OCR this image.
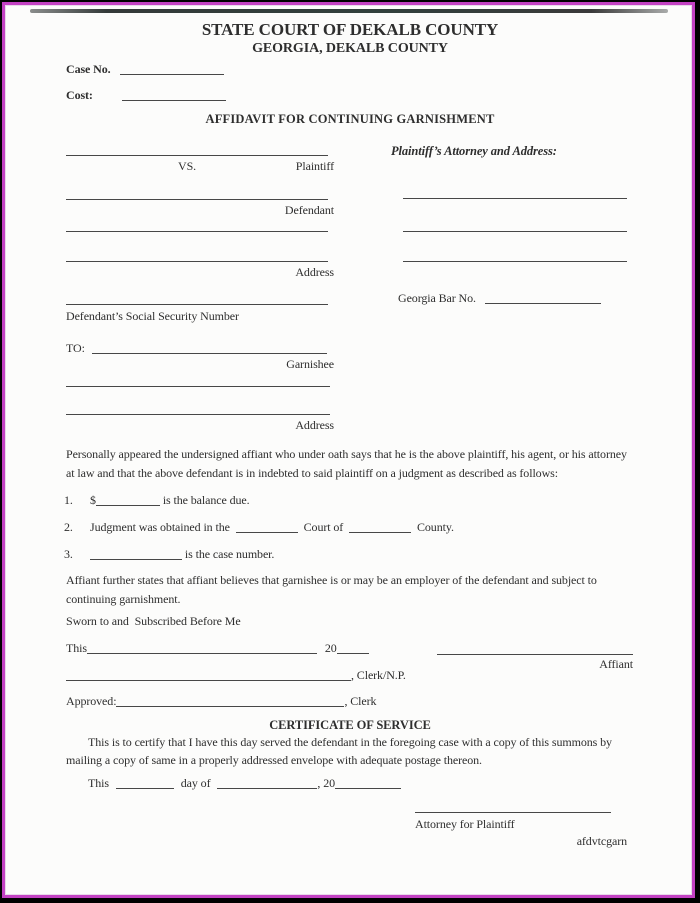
STATE COURT OF DEKALB COUNTY
GEORGIA, DEKALB COUNTY
Case No.
Cost:
AFFIDAVIT FOR CONTINUING GARNISHMENT
VS.	Plaintiff
Defendant
Address
Defendant’s Social Security Number
TO:
Garnishee
Address
Plaintiff’s Attorney and Address:
Georgia Bar No.
Personally appeared the undersigned affiant who under oath says that he is the above plaintiff, his agent, or his attorney
at law and that the above defendant is in indebted to said plaintiff on a judgment as described as follows:
1. $	is the balance due.
2. Judgment was obtained in the	Court of	County.
3.	is the case number.
Affiant further states that affiant believes that garnishee is or may be an employer of the defendant and subject to
continuing garnishment.
Sworn to and  Subscribed Before Me
This	20
Affiant
, Clerk/N.P.
Approved:	, Clerk
CERTIFICATE OF SERVICE
This is to certify that I have this day served the defendant in the foregoing case with a copy of this summons by
mailing a copy of same in a properly addressed envelope with adequate postage thereon.
This	day of	, 20
Attorney for Plaintiff
afdvtcgarn
